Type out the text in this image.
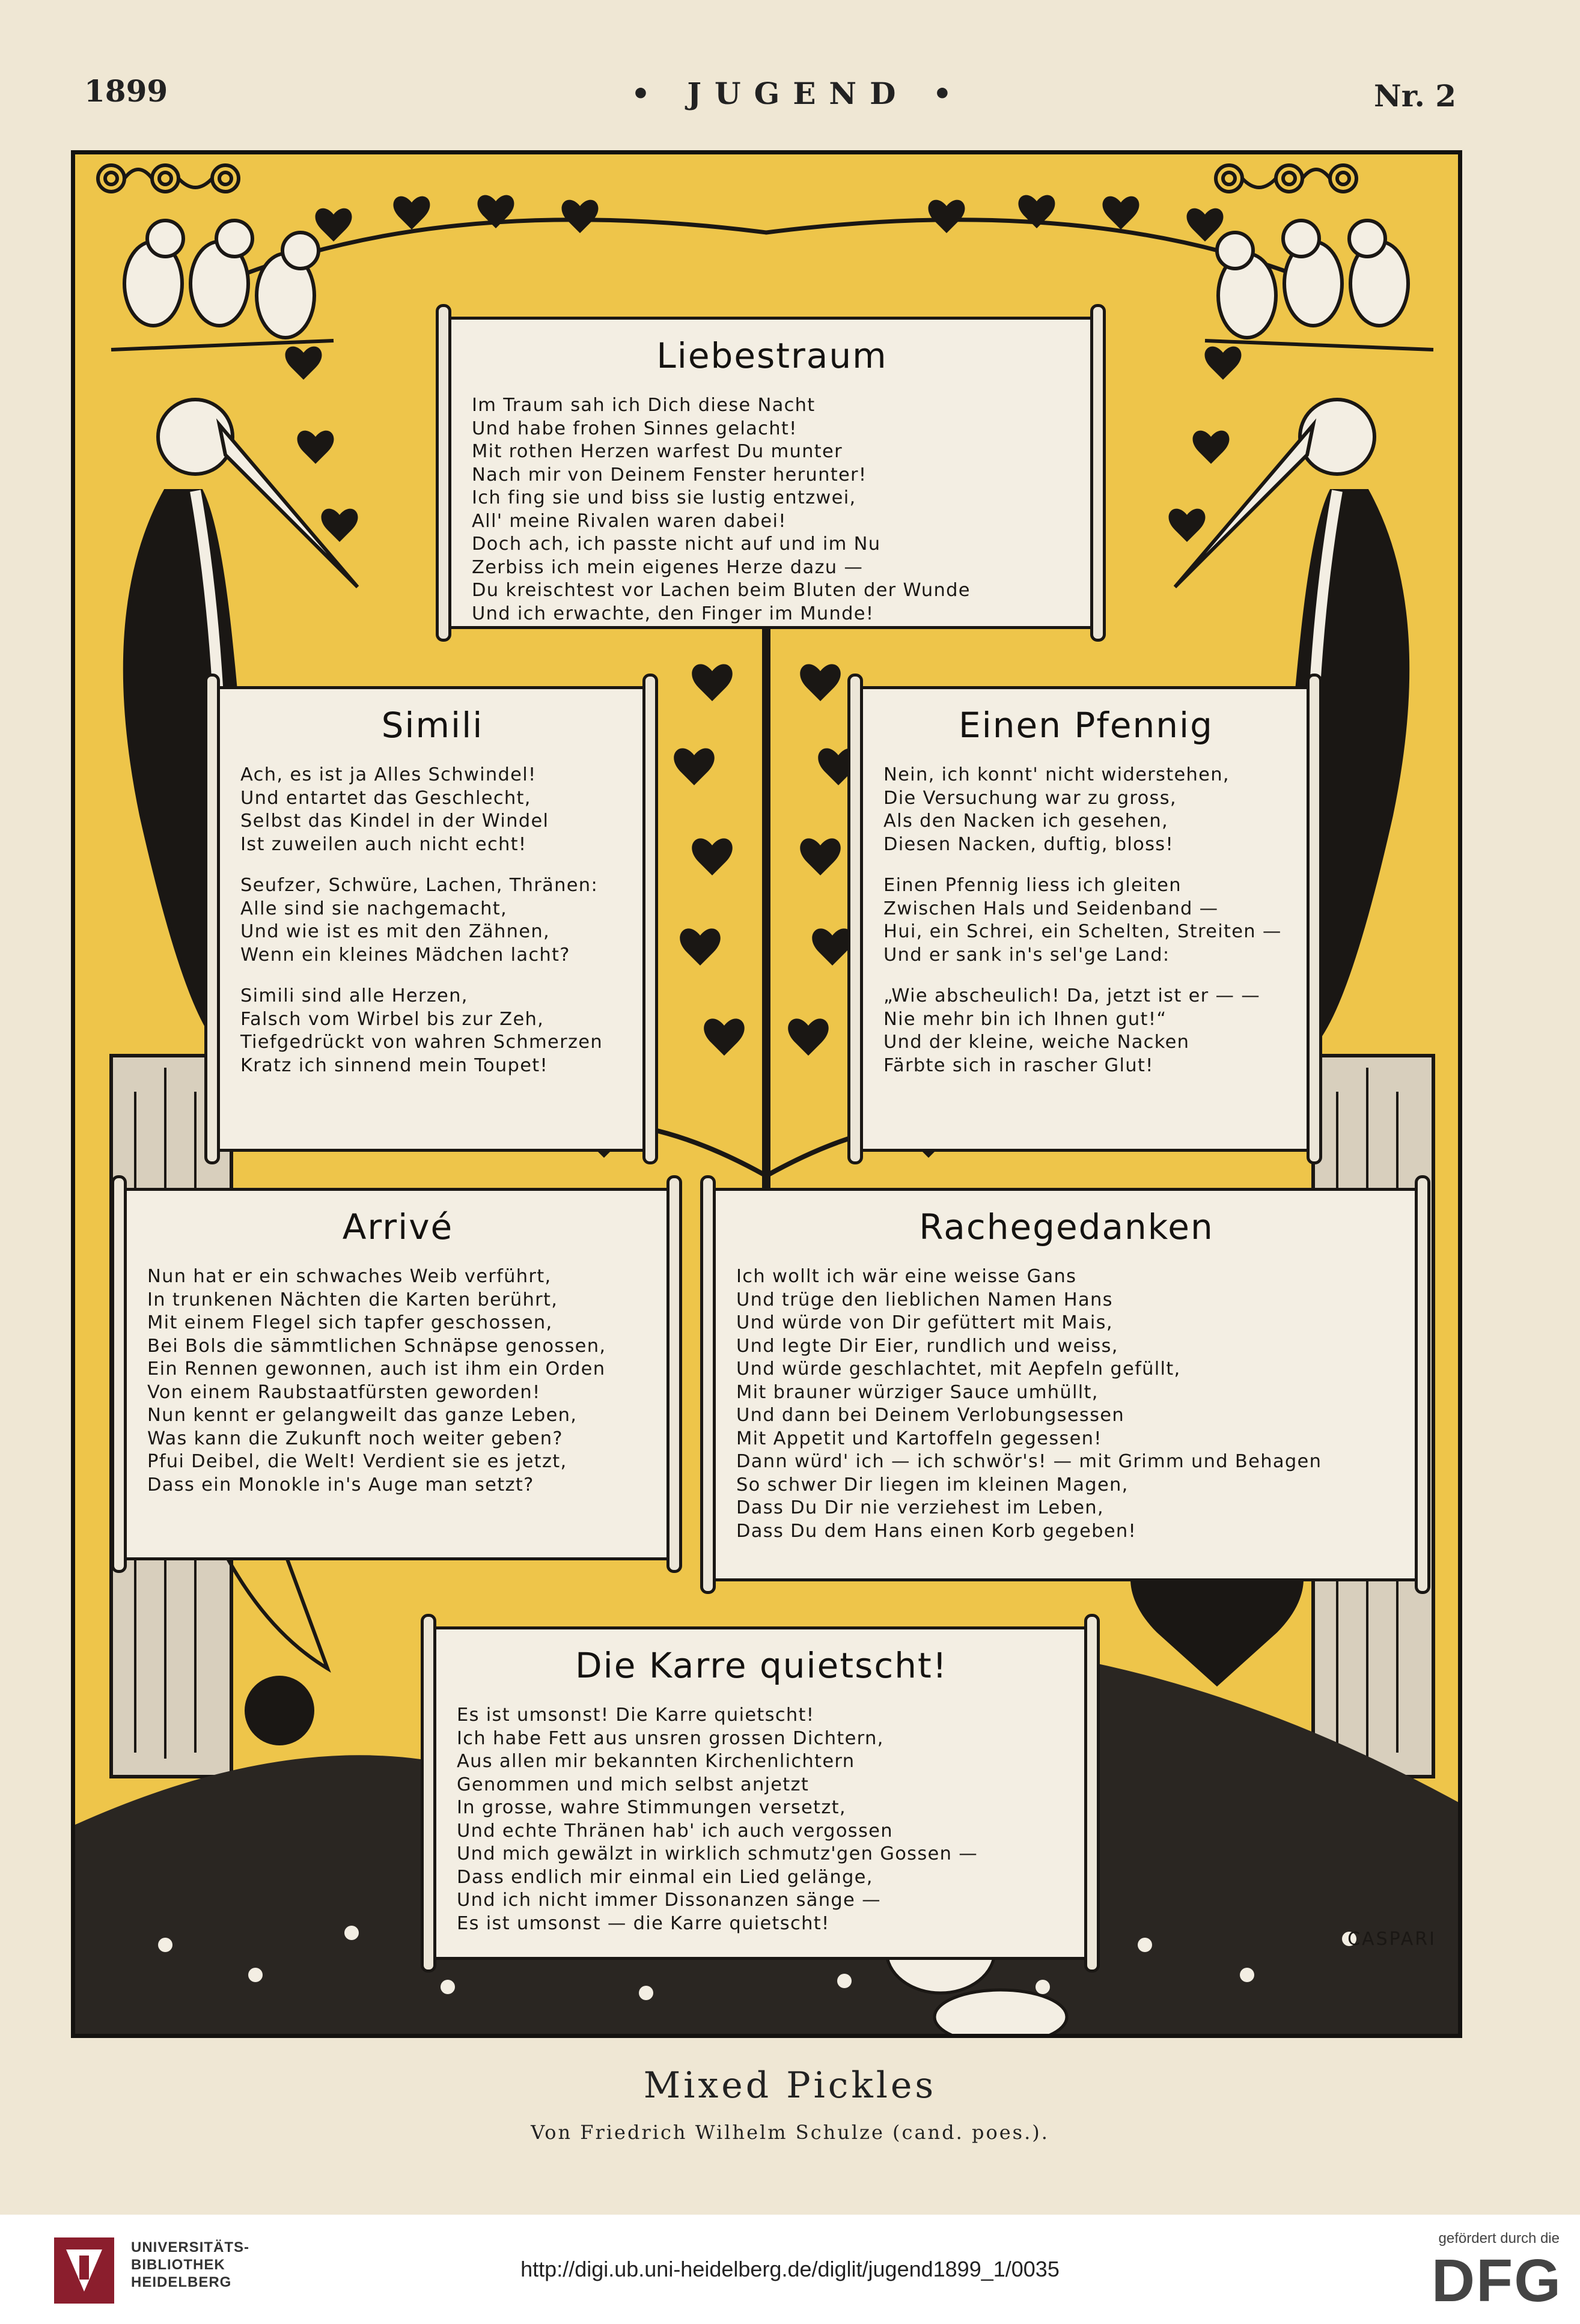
1899	• JUGEND •	Nr. 2
Liebestraum
Im Traum sah ich Dich diese Nacht
Und habe frohen Sinnes gelacht!
Mit rothen Herzen warfest Du munter
Nach mir von Deinem Fenster herunter!
Ich fing sie und biss sie lustig entzwei,
All' meine Rivalen waren dabei!
Doch ach, ich passte nicht auf und im Nu
Zerbiss ich mein eigenes Herze dazu —
Du kreischtest vor Lachen beim Bluten der Wunde
Und ich erwachte, den Finger im Munde!
Simili
Ach, es ist ja Alles Schwindel!
Und entartet das Geschlecht,
Selbst das Kindel in der Windel
Ist zuweilen auch nicht echt!
Seufzer, Schwüre, Lachen, Thränen:
Alle sind sie nachgemacht,
Und wie ist es mit den Zähnen,
Wenn ein kleines Mädchen lacht?
Simili sind alle Herzen,
Falsch vom Wirbel bis zur Zeh,
Tiefgedrückt von wahren Schmerzen
Kratz ich sinnend mein Toupet!
Einen Pfennig
Nein, ich konnt' nicht widerstehen,
Die Versuchung war zu gross,
Als den Nacken ich gesehen,
Diesen Nacken, duftig, bloss!
Einen Pfennig liess ich gleiten
Zwischen Hals und Seidenband —
Hui, ein Schrei, ein Schelten, Streiten —
Und er sank in's sel'ge Land:
„Wie abscheulich! Da, jetzt ist er — —
Nie mehr bin ich Ihnen gut!“
Und der kleine, weiche Nacken
Färbte sich in rascher Glut!
Arrivé
Nun hat er ein schwaches Weib verführt,
In trunkenen Nächten die Karten berührt,
Mit einem Flegel sich tapfer geschossen,
Bei Bols die sämmtlichen Schnäpse genossen,
Ein Rennen gewonnen, auch ist ihm ein Orden
Von einem Raubstaatfürsten geworden!
Nun kennt er gelangweilt das ganze Leben,
Was kann die Zukunft noch weiter geben?
Pfui Deibel, die Welt! Verdient sie es jetzt,
Dass ein Monokle in's Auge man setzt?
Rachegedanken
Ich wollt ich wär eine weisse Gans
Und trüge den lieblichen Namen Hans
Und würde von Dir gefüttert mit Mais,
Und legte Dir Eier, rundlich und weiss,
Und würde geschlachtet, mit Aepfeln gefüllt,
Mit brauner würziger Sauce umhüllt,
Und dann bei Deinem Verlobungsessen
Mit Appetit und Kartoffeln gegessen!
Dann würd' ich — ich schwör's! — mit Grimm und Behagen
So schwer Dir liegen im kleinen Magen,
Dass Du Dir nie verziehest im Leben,
Dass Du dem Hans einen Korb gegeben!
Die Karre quietscht!
Es ist umsonst! Die Karre quietscht!
Ich habe Fett aus unsren grossen Dichtern,
Aus allen mir bekannten Kirchenlichtern
Genommen und mich selbst anjetzt
In grosse, wahre Stimmungen versetzt,
Und echte Thränen hab' ich auch vergossen
Und mich gewälzt in wirklich schmutz'gen Gossen —
Dass endlich mir einmal ein Lied gelänge,
Und ich nicht immer Dissonanzen sänge —
Es ist umsonst — die Karre quietscht!
CASPARI
Mixed Pickles
Von Friedrich Wilhelm Schulze (cand. poes.).
UNIVERSITÄTS-
BIBLIOTHEK
HEIDELBERG
http://digi.ub.uni-heidelberg.de/diglit/jugend1899_1/0035
gefördert durch die
DFG
